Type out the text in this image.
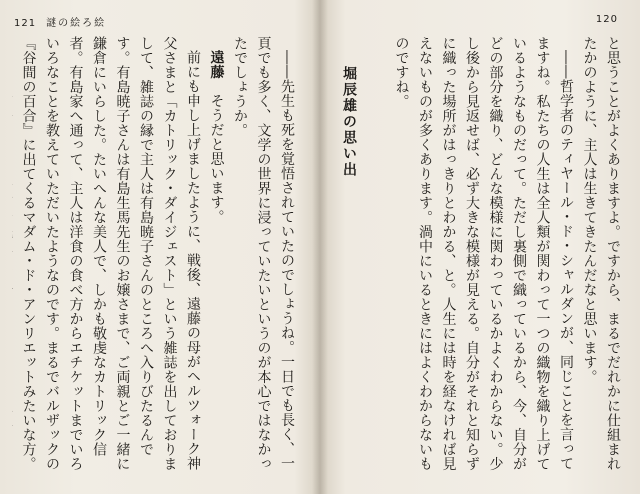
121 謎の絵ろ絵	120

と思うことがよくありますよ。ですから、まるでだれかに仕組まれたかのように、主人は生きてきたんだなと思います。

――哲学者のティヤール・ド・シャルダンが、同じことを言ってますね。私たちの人生は全人類が関わって一つの織物を織り上げているようなものだって。ただし裏側で織っているから、今、自分がどの部分を織り、どんな模様に関わっているかよくわからない。少し後から見返せば、必ず大きな模様が見える。自分がそれと知らずに織った場所がはっきりとわかる、と。人生には時を経なければ見えないものが多くあります。渦中にいるときにはよくわからないものですね。

堀辰雄の思い出

――先生も死を覚悟されていたのでしょうね。一日でも長く、一頁でも多く、文学の世界に浸っていたいというのが本心ではなかったでしょうか。

遠藤　そうだと思います。

前にも申し上げましたように、戦後、遠藤の母がヘルツォーク神父さまと「カトリック・ダイジェスト」という雑誌を出しておりまして、雑誌の縁で主人は有島暁子さんのところへ入りびたるんです。有島暁子さんは有島生馬先生のお嬢さまで、ご両親とご一緒に鎌倉にいらした。たいへんな美人で、しかも敬虔なカトリック信者。有島家へ通って、主人は洋食の食べ方からエチケットまでいろいろなことを教えていただいたようなのです。まるでバルザックの『谷間の百合』に出てくるマダム・ド・アンリエットみたいな方。
